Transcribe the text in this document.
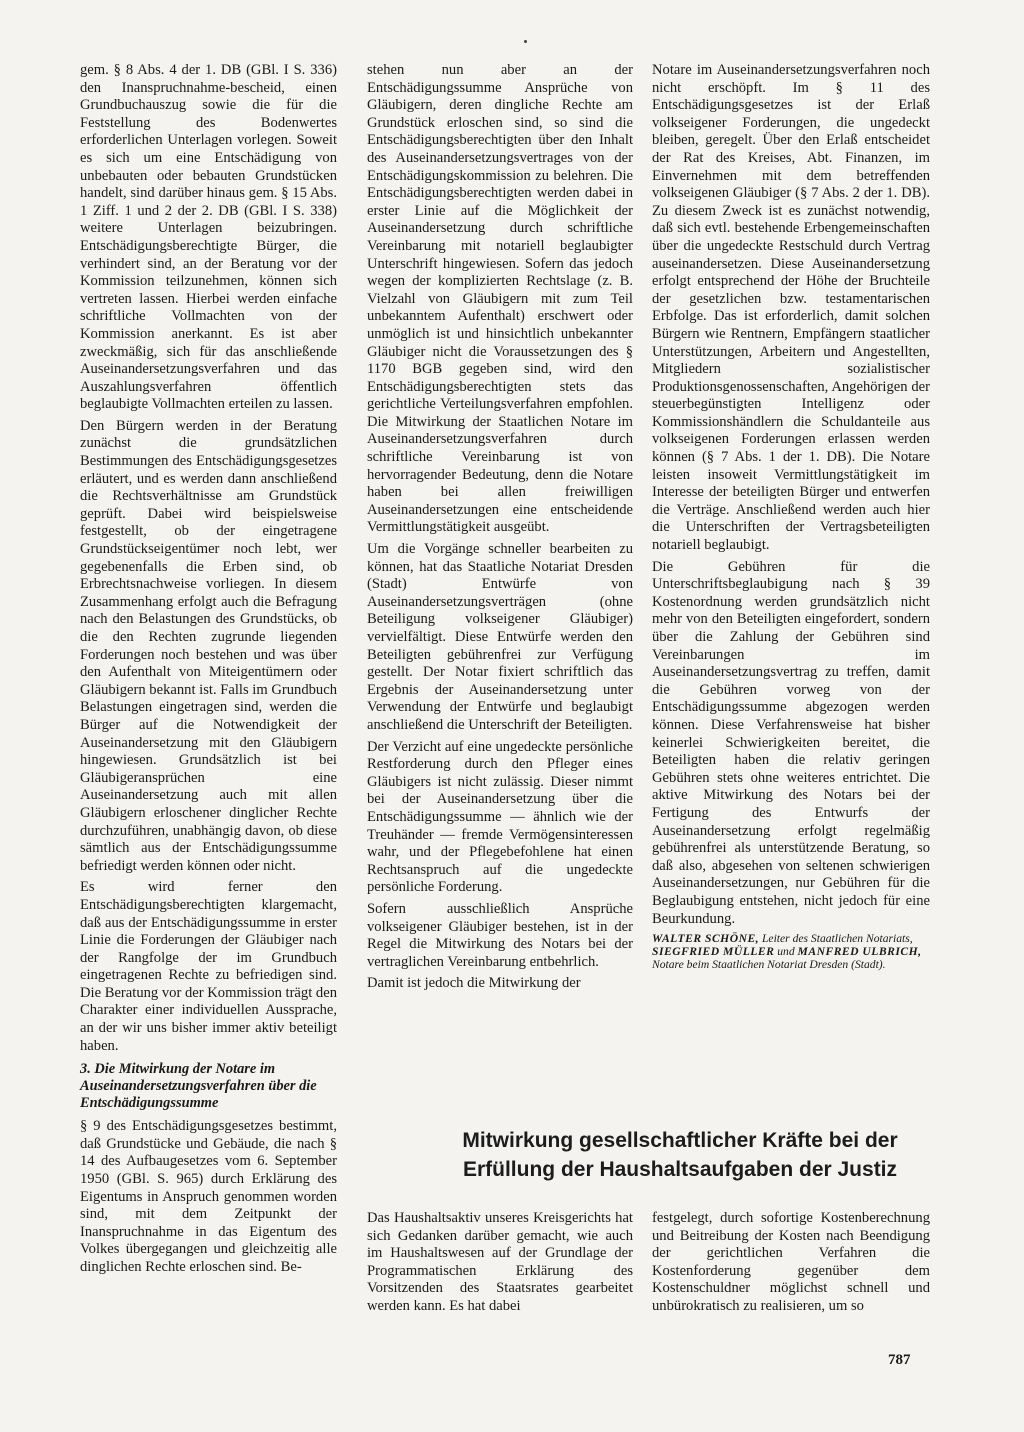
gem. § 8 Abs. 4 der 1. DB (GBl. I S. 336) den Inanspruchnahme-bescheid, einen Grundbuchauszug sowie die für die Feststellung des Bodenwertes erforderlichen Unterlagen vorlegen. Soweit es sich um eine Entschädigung von unbebauten oder bebauten Grundstücken handelt, sind darüber hinaus gem. § 15 Abs. 1 Ziff. 1 und 2 der 2. DB (GBl. I S. 338) weitere Unterlagen beizubringen. Entschädigungsberechtigte Bürger, die verhindert sind, an der Beratung vor der Kommission teilzunehmen, können sich vertreten lassen. Hierbei werden einfache schriftliche Vollmachten von der Kommission anerkannt. Es ist aber zweckmäßig, sich für das anschließende Auseinandersetzungsverfahren und das Auszahlungsverfahren öffentlich beglaubigte Vollmachten erteilen zu lassen.

Den Bürgern werden in der Beratung zunächst die grundsätzlichen Bestimmungen des Entschädigungsgesetzes erläutert, und es werden dann anschließend die Rechtsverhältnisse am Grundstück geprüft. Dabei wird beispielsweise festgestellt, ob der eingetragene Grundstückseigentümer noch lebt, wer gegebenenfalls die Erben sind, ob Erbrechtsnachweise vorliegen. In diesem Zusammenhang erfolgt auch die Befragung nach den Belastungen des Grundstücks, ob die den Rechten zugrunde liegenden Forderungen noch bestehen und was über den Aufenthalt von Miteigentümern oder Gläubigern bekannt ist. Falls im Grundbuch Belastungen eingetragen sind, werden die Bürger auf die Notwendigkeit der Auseinandersetzung mit den Gläubigern hingewiesen. Grundsätzlich ist bei Gläubigeransprüchen eine Auseinandersetzung auch mit allen Gläubigern erloschener dinglicher Rechte durchzuführen, unabhängig davon, ob diese sämtlich aus der Entschädigungssumme befriedigt werden können oder nicht.

Es wird ferner den Entschädigungsberechtigten klargemacht, daß aus der Entschädigungssumme in erster Linie die Forderungen der Gläubiger nach der Rangfolge der im Grundbuch eingetragenen Rechte zu befriedigen sind. Die Beratung vor der Kommission trägt den Charakter einer individuellen Aussprache, an der wir uns bisher immer aktiv beteiligt haben.

3. Die Mitwirkung der Notare im Auseinandersetzungsverfahren über die Entschädigungssumme

§ 9 des Entschädigungsgesetzes bestimmt, daß Grundstücke und Gebäude, die nach § 14 des Aufbaugesetzes vom 6. September 1950 (GBl. S. 965) durch Erklärung des Eigentums in Anspruch genommen worden sind, mit dem Zeitpunkt der Inanspruchnahme in das Eigentum des Volkes übergegangen und gleichzeitig alle dinglichen Rechte erloschen sind. Be-

stehen nun aber an der Entschädigungssumme Ansprüche von Gläubigern, deren dingliche Rechte am Grundstück erloschen sind, so sind die Entschädigungsberechtigten über den Inhalt des Auseinandersetzungsvertrages von der Entschädigungskommission zu belehren. Die Entschädigungsberechtigten werden dabei in erster Linie auf die Möglichkeit der Auseinandersetzung durch schriftliche Vereinbarung mit notariell beglaubigter Unterschrift hingewiesen. Sofern das jedoch wegen der komplizierten Rechtslage (z. B. Vielzahl von Gläubigern mit zum Teil unbekanntem Aufenthalt) erschwert oder unmöglich ist und hinsichtlich unbekannter Gläubiger nicht die Voraussetzungen des § 1170 BGB gegeben sind, wird den Entschädigungsberechtigten stets das gerichtliche Verteilungsverfahren empfohlen. Die Mitwirkung der Staatlichen Notare im Auseinandersetzungsverfahren durch schriftliche Vereinbarung ist von hervorragender Bedeutung, denn die Notare haben bei allen freiwilligen Auseinandersetzungen eine entscheidende Vermittlungstätigkeit ausgeübt.

Um die Vorgänge schneller bearbeiten zu können, hat das Staatliche Notariat Dresden (Stadt) Entwürfe von Auseinandersetzungsverträgen (ohne Beteiligung volkseigener Gläubiger) vervielfältigt. Diese Entwürfe werden den Beteiligten gebührenfrei zur Verfügung gestellt. Der Notar fixiert schriftlich das Ergebnis der Auseinandersetzung unter Verwendung der Entwürfe und beglaubigt anschließend die Unterschrift der Beteiligten.

Der Verzicht auf eine ungedeckte persönliche Restforderung durch den Pfleger eines Gläubigers ist nicht zulässig. Dieser nimmt bei der Auseinandersetzung über die Entschädigungssumme — ähnlich wie der Treuhänder — fremde Vermögensinteressen wahr, und der Pflegebefohlene hat einen Rechtsanspruch auf die ungedeckte persönliche Forderung.

Sofern ausschließlich Ansprüche volkseigener Gläubiger bestehen, ist in der Regel die Mitwirkung des Notars bei der vertraglichen Vereinbarung entbehrlich.

Damit ist jedoch die Mitwirkung der

Notare im Auseinandersetzungsverfahren noch nicht erschöpft. Im § 11 des Entschädigungsgesetzes ist der Erlaß volkseigener Forderungen, die ungedeckt bleiben, geregelt. Über den Erlaß entscheidet der Rat des Kreises, Abt. Finanzen, im Einvernehmen mit dem betreffenden volkseigenen Gläubiger (§ 7 Abs. 2 der 1. DB). Zu diesem Zweck ist es zunächst notwendig, daß sich evtl. bestehende Erbengemeinschaften über die ungedeckte Restschuld durch Vertrag auseinandersetzen. Diese Auseinandersetzung erfolgt entsprechend der Höhe der Bruchteile der gesetzlichen bzw. testamentarischen Erbfolge. Das ist erforderlich, damit solchen Bürgern wie Rentnern, Empfängern staatlicher Unterstützungen, Arbeitern und Angestellten, Mitgliedern sozialistischer Produktionsgenossenschaften, Angehörigen der steuerbegünstigten Intelligenz oder Kommissionshändlern die Schuldanteile aus volkseigenen Forderungen erlassen werden können (§ 7 Abs. 1 der 1. DB). Die Notare leisten insoweit Vermittlungstätigkeit im Interesse der beteiligten Bürger und entwerfen die Verträge. Anschließend werden auch hier die Unterschriften der Vertragsbeteiligten notariell beglaubigt.

Die Gebühren für die Unterschriftsbeglaubigung nach § 39 Kostenordnung werden grundsätzlich nicht mehr von den Beteiligten eingefordert, sondern über die Zahlung der Gebühren sind Vereinbarungen im Auseinandersetzungsvertrag zu treffen, damit die Gebühren vorweg von der Entschädigungssumme abgezogen werden können. Diese Verfahrensweise hat bisher keinerlei Schwierigkeiten bereitet, die Beteiligten haben die relativ geringen Gebühren stets ohne weiteres entrichtet. Die aktive Mitwirkung des Notars bei der Fertigung des Entwurfs der Auseinandersetzung erfolgt regelmäßig gebührenfrei als unterstützende Beratung, so daß also, abgesehen von seltenen schwierigen Auseinandersetzungen, nur Gebühren für die Beglaubigung entstehen, nicht jedoch für eine Beurkundung.

WALTER SCHÖNE, Leiter des Staatlichen Notariats,
SIEGFRIED MÜLLER und MANFRED ULBRICH, Notare beim Staatlichen Notariat Dresden (Stadt).

Mitwirkung gesellschaftlicher Kräfte bei der Erfüllung der Haushaltsaufgaben der Justiz

Das Haushaltsaktiv unseres Kreisgerichts hat sich Gedanken darüber gemacht, wie auch im Haushaltswesen auf der Grundlage der Programmatischen Erklärung des Vorsitzenden des Staatsrates gearbeitet werden kann. Es hat dabei

festgelegt, durch sofortige Kostenberechnung und Beitreibung der Kosten nach Beendigung der gerichtlichen Verfahren die Kostenforderung gegenüber dem Kostenschuldner möglichst schnell und unbürokratisch zu realisieren, um so

787
